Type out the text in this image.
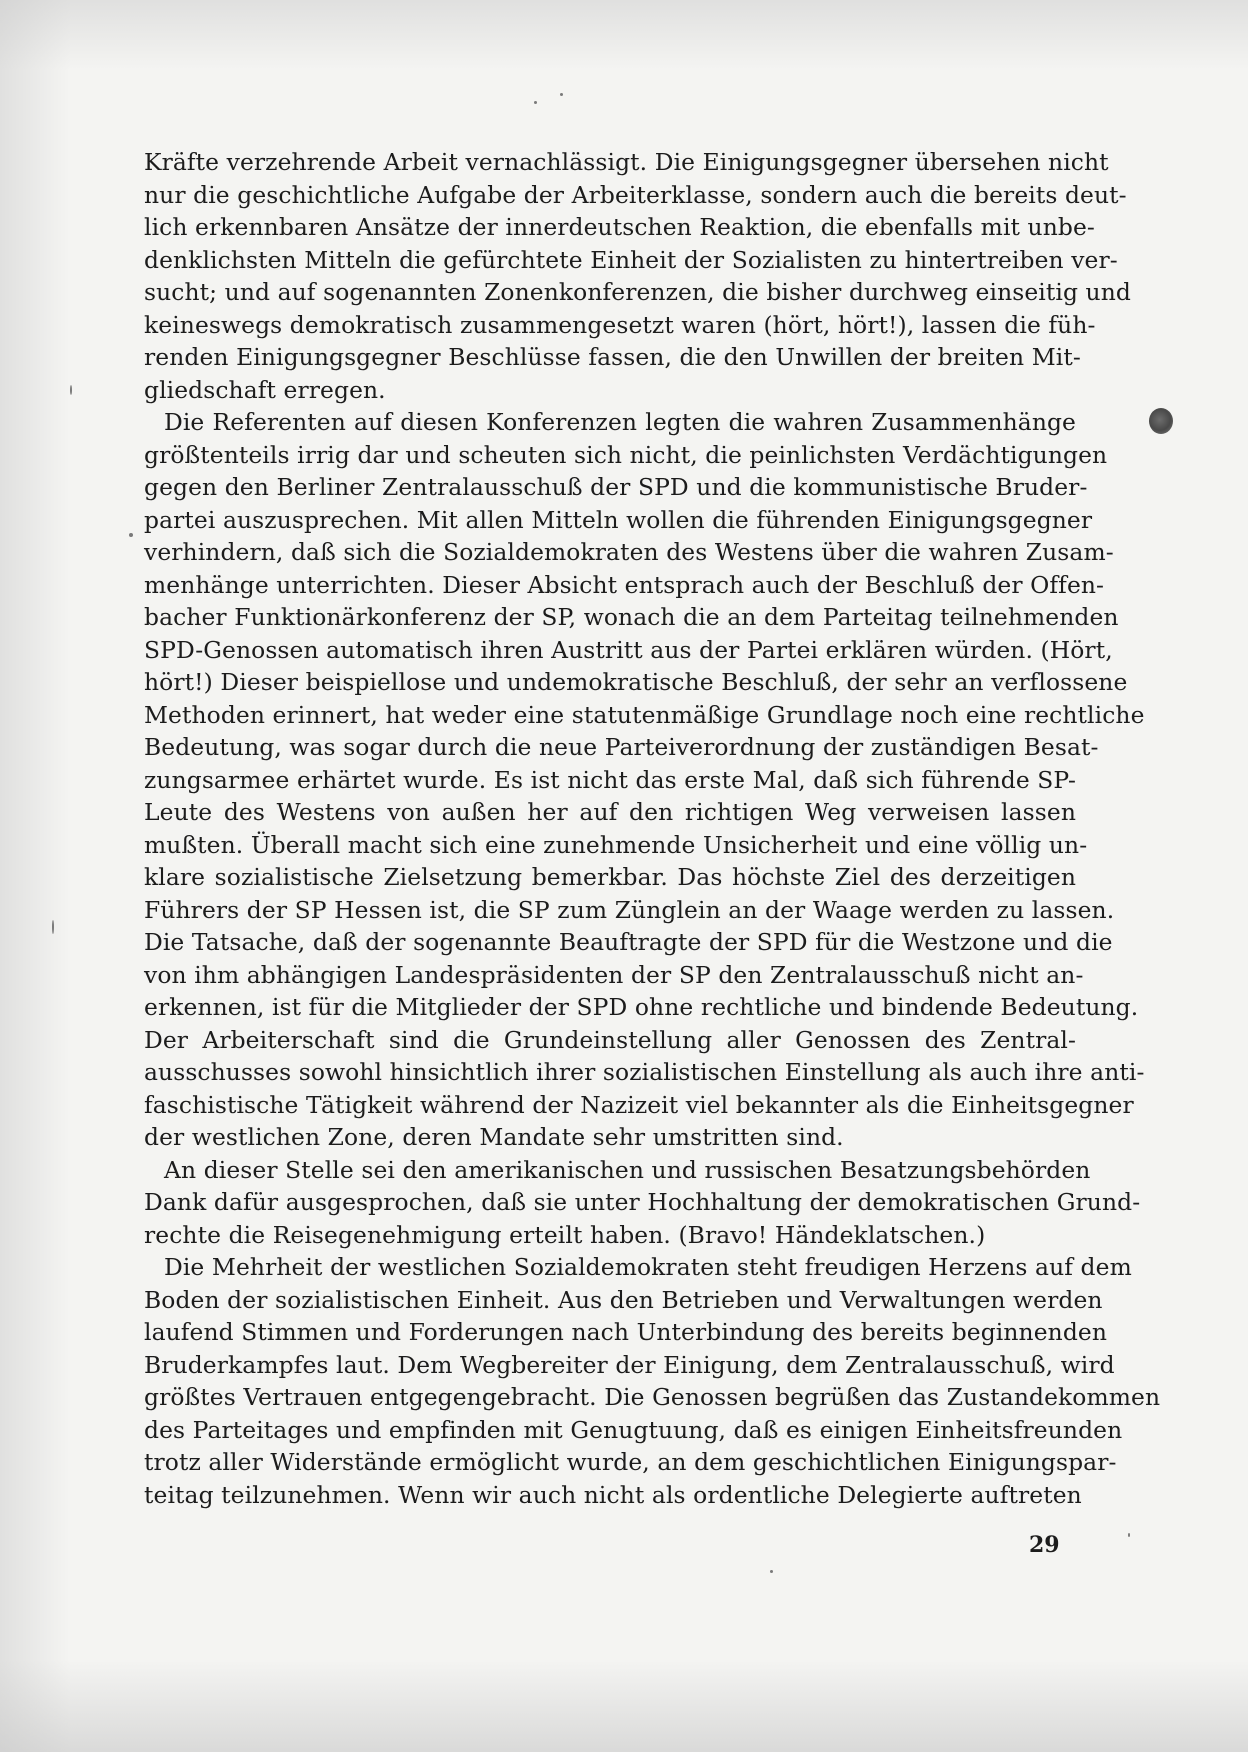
Kräfte verzehrende Arbeit vernachlässigt. Die Einigungsgegner übersehen nicht
nur die geschichtliche Aufgabe der Arbeiterklasse, sondern auch die bereits deut-
lich erkennbaren Ansätze der innerdeutschen Reaktion, die ebenfalls mit unbe-
denklichsten Mitteln die gefürchtete Einheit der Sozialisten zu hintertreiben ver-
sucht; und auf sogenannten Zonenkonferenzen, die bisher durchweg einseitig und
keineswegs demokratisch zusammengesetzt waren (hört, hört!), lassen die füh-
renden Einigungsgegner Beschlüsse fassen, die den Unwillen der breiten Mit-
gliedschaft erregen.

Die Referenten auf diesen Konferenzen legten die wahren Zusammenhänge
größtenteils irrig dar und scheuten sich nicht, die peinlichsten Verdächtigungen
gegen den Berliner Zentralausschuß der SPD und die kommunistische Bruder-
partei auszusprechen. Mit allen Mitteln wollen die führenden Einigungsgegner
verhindern, daß sich die Sozialdemokraten des Westens über die wahren Zusam-
menhänge unterrichten. Dieser Absicht entsprach auch der Beschluß der Offen-
bacher Funktionärkonferenz der SP, wonach die an dem Parteitag teilnehmenden
SPD-Genossen automatisch ihren Austritt aus der Partei erklären würden. (Hört,
hört!) Dieser beispiellose und undemokratische Beschluß, der sehr an verflossene
Methoden erinnert, hat weder eine statutenmäßige Grundlage noch eine rechtliche
Bedeutung, was sogar durch die neue Parteiverordnung der zuständigen Besat-
zungsarmee erhärtet wurde. Es ist nicht das erste Mal, daß sich führende SP-
Leute des Westens von außen her auf den richtigen Weg verweisen lassen
mußten. Überall macht sich eine zunehmende Unsicherheit und eine völlig un-
klare sozialistische Zielsetzung bemerkbar. Das höchste Ziel des derzeitigen
Führers der SP Hessen ist, die SP zum Zünglein an der Waage werden zu lassen.
Die Tatsache, daß der sogenannte Beauftragte der SPD für die Westzone und die
von ihm abhängigen Landespräsidenten der SP den Zentralausschuß nicht an-
erkennen, ist für die Mitglieder der SPD ohne rechtliche und bindende Bedeutung.
Der Arbeiterschaft sind die Grundeinstellung aller Genossen des Zentral-
ausschusses sowohl hinsichtlich ihrer sozialistischen Einstellung als auch ihre anti-
faschistische Tätigkeit während der Nazizeit viel bekannter als die Einheitsgegner
der westlichen Zone, deren Mandate sehr umstritten sind.

An dieser Stelle sei den amerikanischen und russischen Besatzungsbehörden
Dank dafür ausgesprochen, daß sie unter Hochhaltung der demokratischen Grund-
rechte die Reisegenehmigung erteilt haben. (Bravo! Händeklatschen.)

Die Mehrheit der westlichen Sozialdemokraten steht freudigen Herzens auf dem
Boden der sozialistischen Einheit. Aus den Betrieben und Verwaltungen werden
laufend Stimmen und Forderungen nach Unterbindung des bereits beginnenden
Bruderkampfes laut. Dem Wegbereiter der Einigung, dem Zentralausschuß, wird
größtes Vertrauen entgegengebracht. Die Genossen begrüßen das Zustandekommen
des Parteitages und empfinden mit Genugtuung, daß es einigen Einheitsfreunden
trotz aller Widerstände ermöglicht wurde, an dem geschichtlichen Einigungspar-
teitag teilzunehmen. Wenn wir auch nicht als ordentliche Delegierte auftreten

29
